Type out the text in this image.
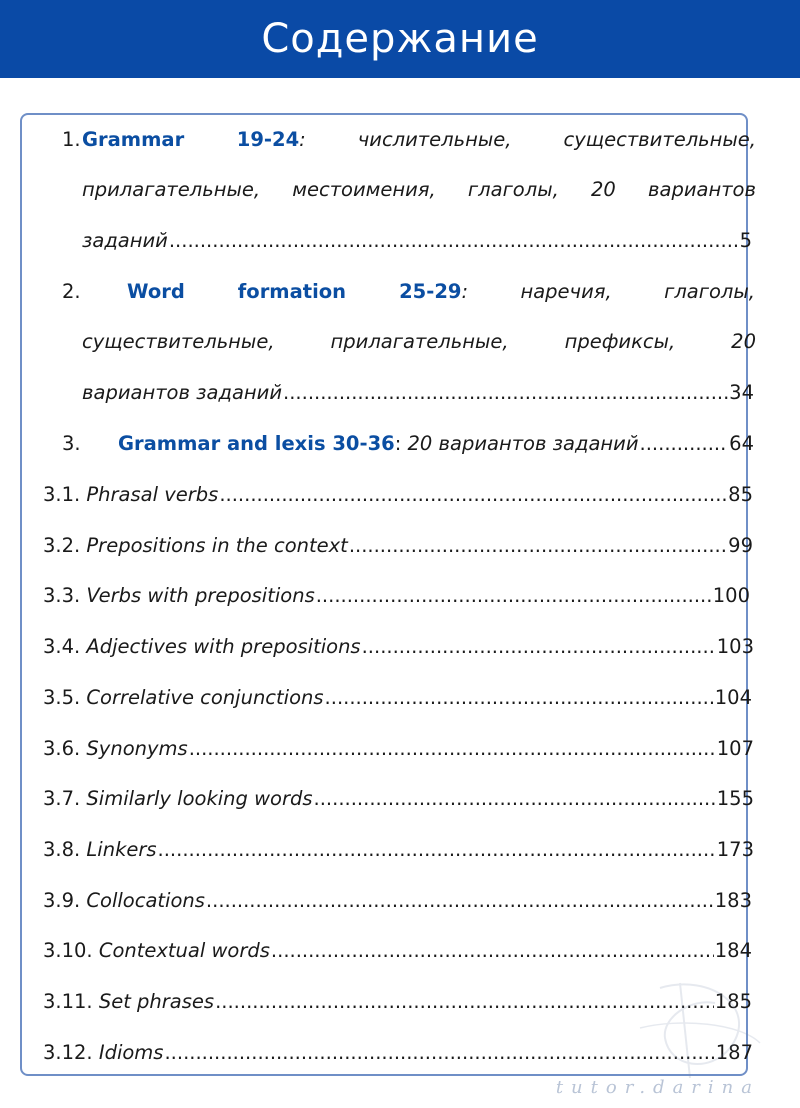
Содержание
1. Grammar 19-24: числительные, существительные,
прилагательные, местоимения, глаголы, 20 вариантов
заданий .....	5
2. Word formation 25-29: наречия, глаголы,
существительные, прилагательные, префиксы, 20
вариантов заданий .....	34
3. Grammar and lexis 30-36 : 20 вариантов заданий .....	64
3.1.
Phrasal verbs .....	85
3.2.
Prepositions in the context .....	99
3.3.
Verbs with prepositions .....	100
3.4.
Adjectives with prepositions .....	103
3.5.
Correlative conjunctions .....	104
3.6.
Synonyms .....	107
3.7.
Similarly looking words .....	155
3.8.
Linkers .....	173
3.9.
Collocations .....	183
3.10.
Contextual words .....	184
3.11.
Set phrases .....	185
3.12.
Idioms .....	187
tutor.darina
